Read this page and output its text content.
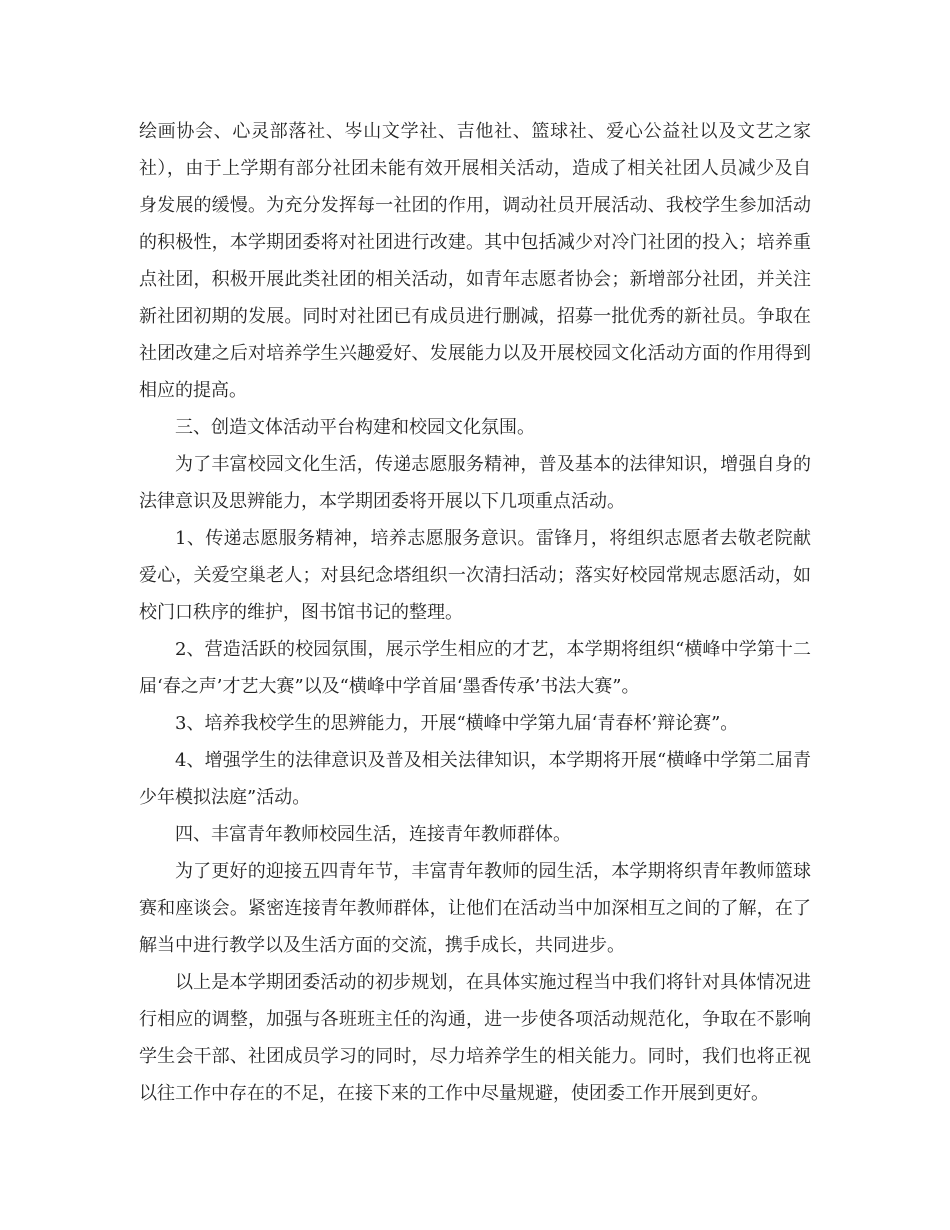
绘画协会、心灵部落社、岑山文学社、吉他社、篮球社、爱心公益社以及文艺之家社），由于上学期有部分社团未能有效开展相关活动，造成了相关社团人员减少及自身发展的缓慢。为充分发挥每一社团的作用，调动社员开展活动、我校学生参加活动的积极性，本学期团委将对社团进行改建。其中包括减少对冷门社团的投入；培养重点社团，积极开展此类社团的相关活动，如青年志愿者协会；新增部分社团，并关注新社团初期的发展。同时对社团已有成员进行删减，招募一批优秀的新社员。争取在社团改建之后对培养学生兴趣爱好、发展能力以及开展校园文化活动方面的作用得到相应的提高。

三、创造文体活动平台构建和校园文化氛围。

为了丰富校园文化生活，传递志愿服务精神，普及基本的法律知识，增强自身的法律意识及思辨能力，本学期团委将开展以下几项重点活动。

1、传递志愿服务精神，培养志愿服务意识。雷锋月，将组织志愿者去敬老院献爱心，关爱空巢老人；对县纪念塔组织一次清扫活动；落实好校园常规志愿活动，如校门口秩序的维护，图书馆书记的整理。

2、营造活跃的校园氛围，展示学生相应的才艺，本学期将组织“横峰中学第十二届‘春之声’才艺大赛”以及“横峰中学首届‘墨香传承’书法大赛”。

3、培养我校学生的思辨能力，开展“横峰中学第九届‘青春杯’辩论赛”。

4、增强学生的法律意识及普及相关法律知识，本学期将开展“横峰中学第二届青少年模拟法庭”活动。

四、丰富青年教师校园生活，连接青年教师群体。

为了更好的迎接五四青年节，丰富青年教师的园生活，本学期将织青年教师篮球赛和座谈会。紧密连接青年教师群体，让他们在活动当中加深相互之间的了解，在了解当中进行教学以及生活方面的交流，携手成长，共同进步。

以上是本学期团委活动的初步规划，在具体实施过程当中我们将针对具体情况进行相应的调整，加强与各班班主任的沟通，进一步使各项活动规范化，争取在不影响学生会干部、社团成员学习的同时，尽力培养学生的相关能力。同时，我们也将正视以往工作中存在的不足，在接下来的工作中尽量规避，使团委工作开展到更好。
